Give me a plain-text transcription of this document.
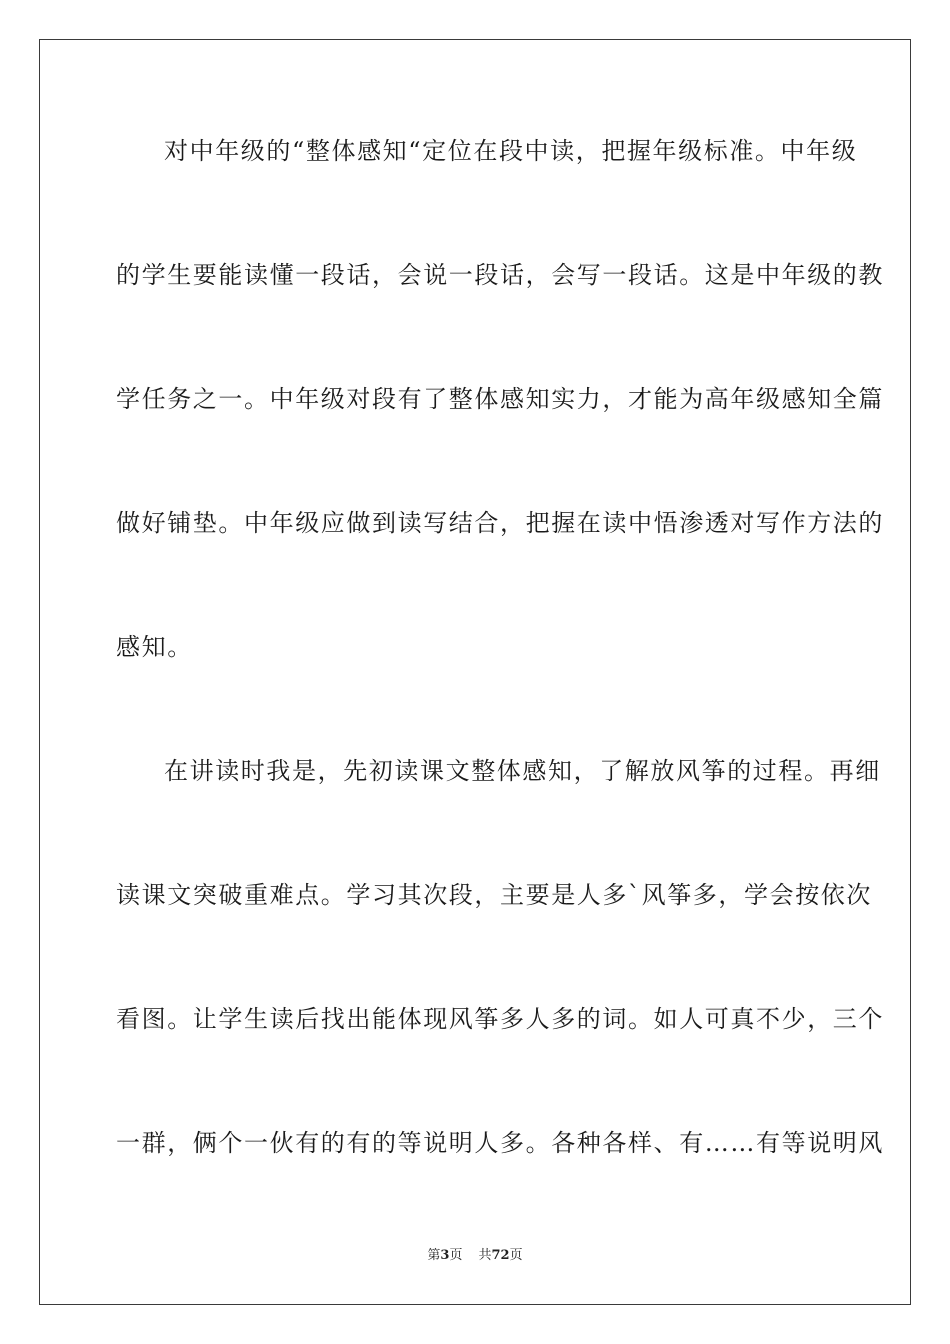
对中年级的“整体感知“定位在段中读，把握年级标准。中年级
的学生要能读懂一段话，会说一段话，会写一段话。这是中年级的教
学任务之一。中年级对段有了整体感知实力，才能为高年级感知全篇
做好铺垫。中年级应做到读写结合，把握在读中悟渗透对写作方法的
感知。
在讲读时我是，先初读课文整体感知，了解放风筝的过程。再细
读课文突破重难点。学习其次段，主要是人多`风筝多，学会按依次
看图。让学生读后找出能体现风筝多人多的词。如人可真不少，三个
一群，俩个一伙有的有的等说明人多。各种各样、有……有等说明风
第3页 共72页
